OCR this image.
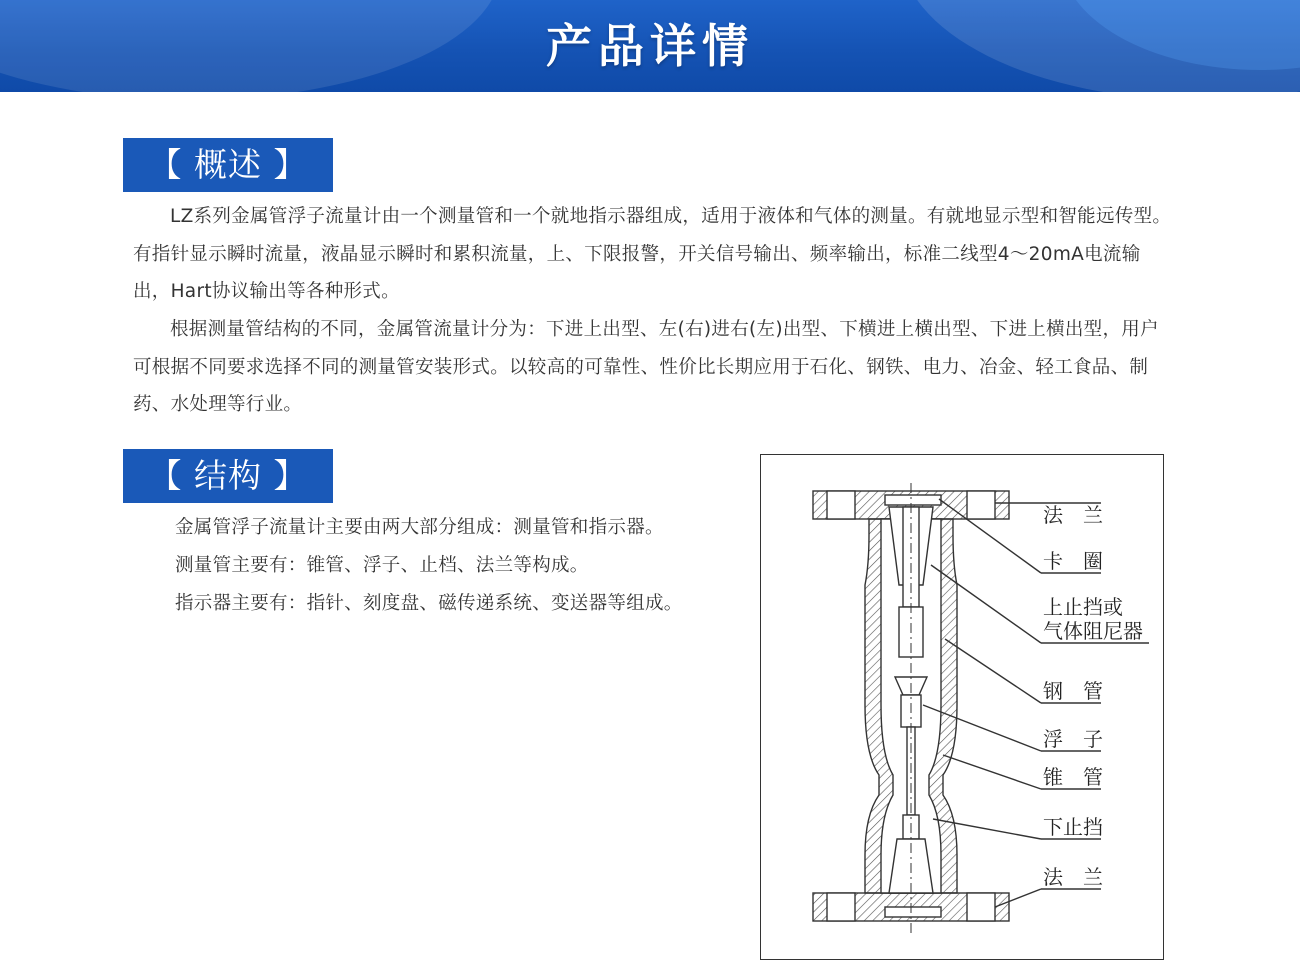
产品详情
【 概述 】

LZ系列金属管浮子流量计由一个测量管和一个就地指示器组成，适用于液体和气体的测量。有就地显示型和智能远传型。有指针显示瞬时流量，液晶显示瞬时和累积流量，上、下限报警，开关信号输出、频率输出，标准二线型4～20mA电流输出，Hart协议输出等各种形式。

根据测量管结构的不同，金属管流量计分为：下进上出型、左(右)进右(左)出型、下横进上横出型、下进上横出型，用户可根据不同要求选择不同的测量管安装形式。以较高的可靠性、性价比长期应用于石化、钢铁、电力、冶金、轻工食品、制药、水处理等行业。

【 结构 】
金属管浮子流量计主要由两大部分组成：测量管和指示器。
测量管主要有：锥管、浮子、止档、法兰等构成。
指示器主要有：指针、刻度盘、磁传递系统、变送器等组成。
法　兰
卡　圈
上止挡或
气体阻尼器
钢　管
浮　子
锥　管
下止挡
法　兰
